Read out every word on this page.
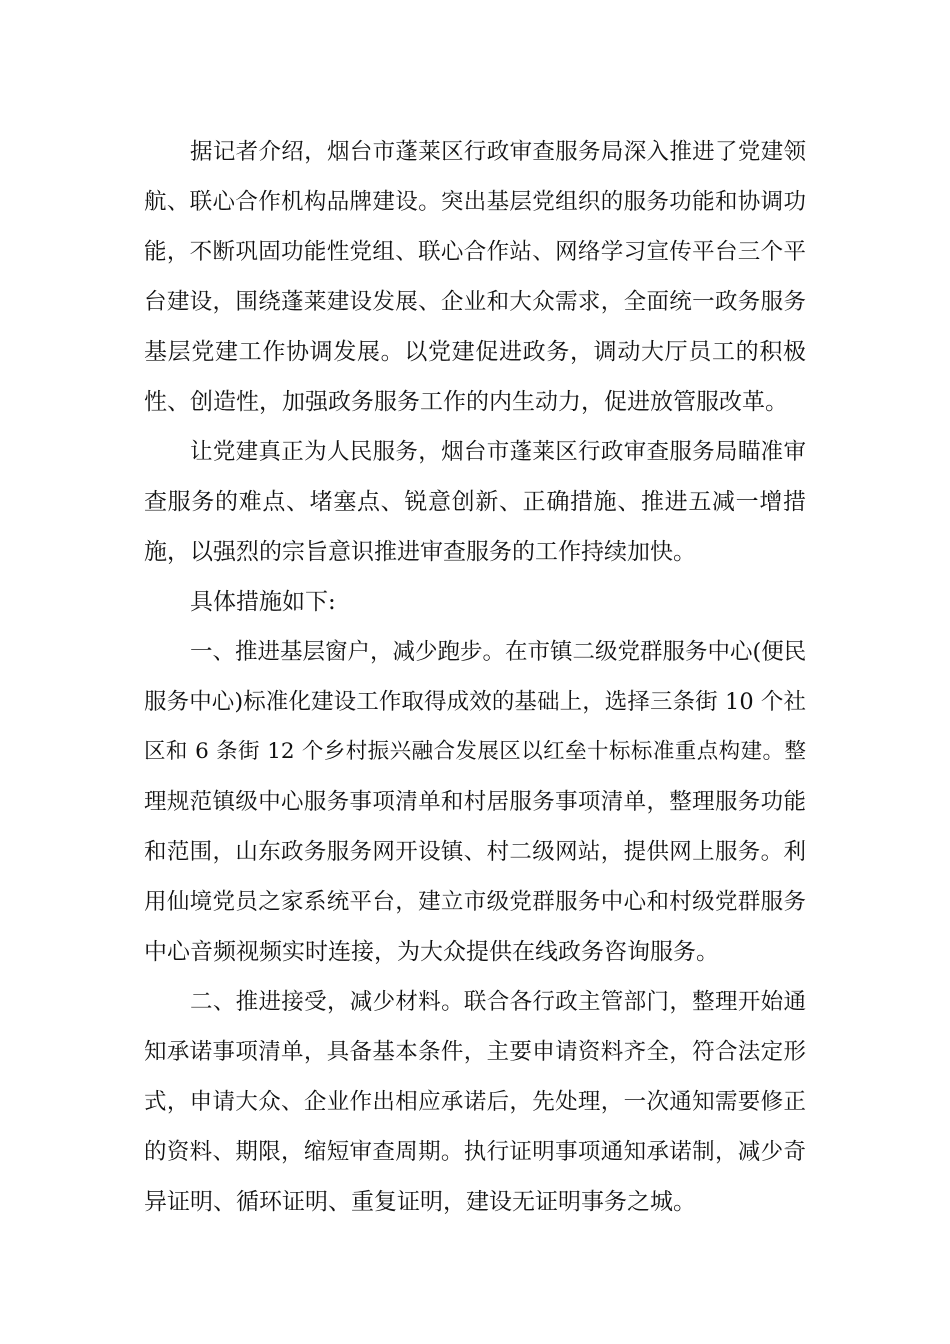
据记者介绍，烟台市蓬莱区行政审查服务局深入推进了党建领
航、联心合作机构品牌建设。突出基层党组织的服务功能和协调功
能，不断巩固功能性党组、联心合作站、网络学习宣传平台三个平
台建设，围绕蓬莱建设发展、企业和大众需求，全面统一政务服务
基层党建工作协调发展。以党建促进政务，调动大厅员工的积极
性、创造性，加强政务服务工作的内生动力，促进放管服改革。
让党建真正为人民服务，烟台市蓬莱区行政审查服务局瞄准审
查服务的难点、堵塞点、锐意创新、正确措施、推进五减一增措
施，以强烈的宗旨意识推进审查服务的工作持续加快。
具体措施如下:
一、推进基层窗户，减少跑步。在市镇二级党群服务中心(便民
服务中心)标准化建设工作取得成效的基础上，选择三条街 10 个社
区和 6 条街 12 个乡村振兴融合发展区以红垒十标标准重点构建。整
理规范镇级中心服务事项清单和村居服务事项清单，整理服务功能
和范围，山东政务服务网开设镇、村二级网站，提供网上服务。利
用仙境党员之家系统平台，建立市级党群服务中心和村级党群服务
中心音频视频实时连接，为大众提供在线政务咨询服务。
二、推进接受，减少材料。联合各行政主管部门，整理开始通
知承诺事项清单，具备基本条件，主要申请资料齐全，符合法定形
式，申请大众、企业作出相应承诺后，先处理，一次通知需要修正
的资料、期限，缩短审查周期。执行证明事项通知承诺制，减少奇
异证明、循环证明、重复证明，建设无证明事务之城。
